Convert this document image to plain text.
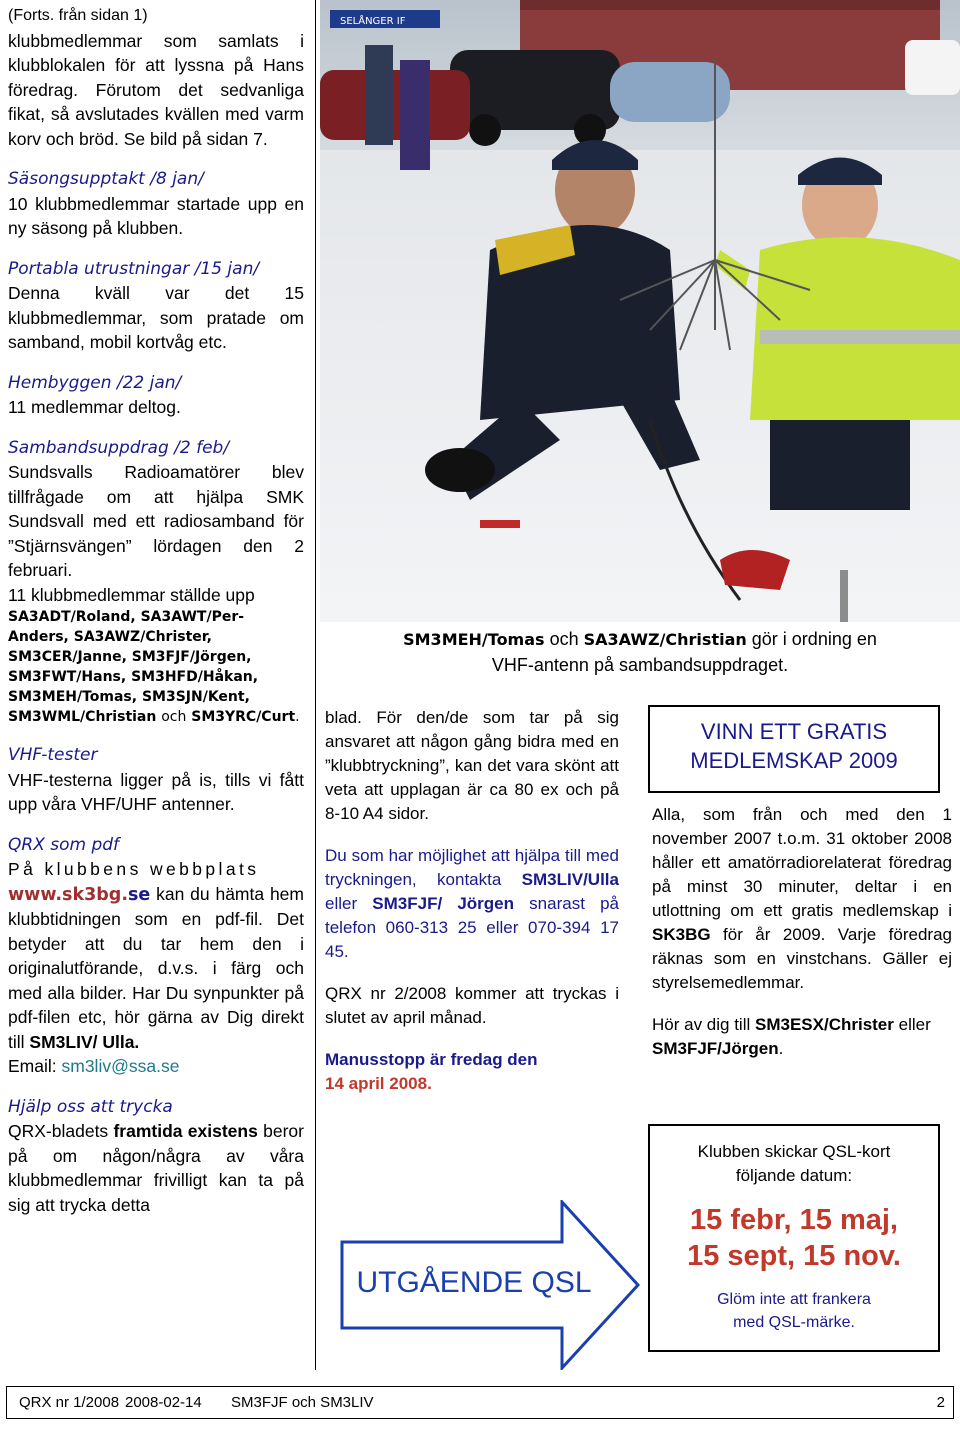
(Forts. från sidan 1)

klubbmedlemmar som samlats i klubblokalen för att lyssna på Hans föredrag. Förutom det sedvanliga fikat, så avslutades kvällen med varm korv och bröd. Se bild på sidan 7.

Säsongsupptakt /8 jan/

10 klubbmedlemmar startade upp en ny säsong på klubben.

Portabla utrustningar /15 jan/

Denna kväll var det 15 klubbmedlemmar, som pratade om samband, mobil kortvåg etc.

Hembyggen /22 jan/

11 medlemmar deltog.

Sambandsuppdrag /2 feb/

Sundsvalls Radioamatörer blev tillfrågade om att hjälpa SMK Sundsvall med ett radiosamband för ”Stjärnsvängen” lördagen den 2 februari.

11 klubbmedlemmar ställde upp

SA3ADT/Roland, SA3AWT/Per-Anders, SA3AWZ/Christer, SM3CER/Janne, SM3FJF/Jörgen, SM3FWT/Hans, SM3HFD/Håkan, SM3MEH/Tomas, SM3SJN/Kent, SM3WML/Christian och SM3YRC/Curt.

VHF-tester

VHF-testerna ligger på is, tills vi fått upp våra VHF/UHF antenner.

QRX som pdf

På klubbens webbplats
www.sk3bg.se kan du hämta hem klubbtidningen som en pdf-fil. Det betyder att du tar hem den i originalutförande, d.v.s. i färg och med alla bilder. Har Du synpunkter på pdf-filen etc, hör gärna av Dig direkt till SM3LIV/ Ulla.
Email: sm3liv@ssa.se

Hjälp oss att trycka

QRX-bladets framtida existens beror på om någon/några av våra klubbmedlemmar frivilligt kan ta på sig att trycka detta

SELÅNGER IF
SM3MEH/Tomas och SA3AWZ/Christian gör i ordning en
VHF-antenn på sambandsuppdraget.

blad. För den/de som tar på sig ansvaret att någon gång bidra med en ”klubbtryckning”, kan det vara skönt att veta att upplagan är ca 80 ex och på 8-10 A4 sidor.

Du som har möjlighet att hjälpa till med tryckningen, kontakta SM3LIV/Ulla eller SM3FJF/ Jörgen snarast på telefon 060-313 25 eller 070-394 17 45.

QRX nr 2/2008 kommer att tryckas i slutet av april månad.

Manusstopp är fredag den
14 april 2008.

UTGÅENDE QSL
VINN ETT GRATIS
MEDLEMSKAP 2009

Alla, som från och med den 1 november 2007 t.o.m. 31 oktober 2008 håller ett amatörradiorelaterat föredrag på minst 30 minuter, deltar i en utlottning om ett gratis medlemskap i SK3BG för år 2009. Varje föredrag räknas som en vinstchans. Gäller ej styrelsemedlemmar.

Hör av dig till SM3ESX/Christer eller SM3FJF/Jörgen.

Klubben skickar QSL-kort
följande datum:
15 febr, 15 maj,
15 sept, 15 nov.
Glöm inte att frankera
med QSL-märke.
QRX nr 1/2008 2008-02-14 SM3FJF och SM3LIV	2
